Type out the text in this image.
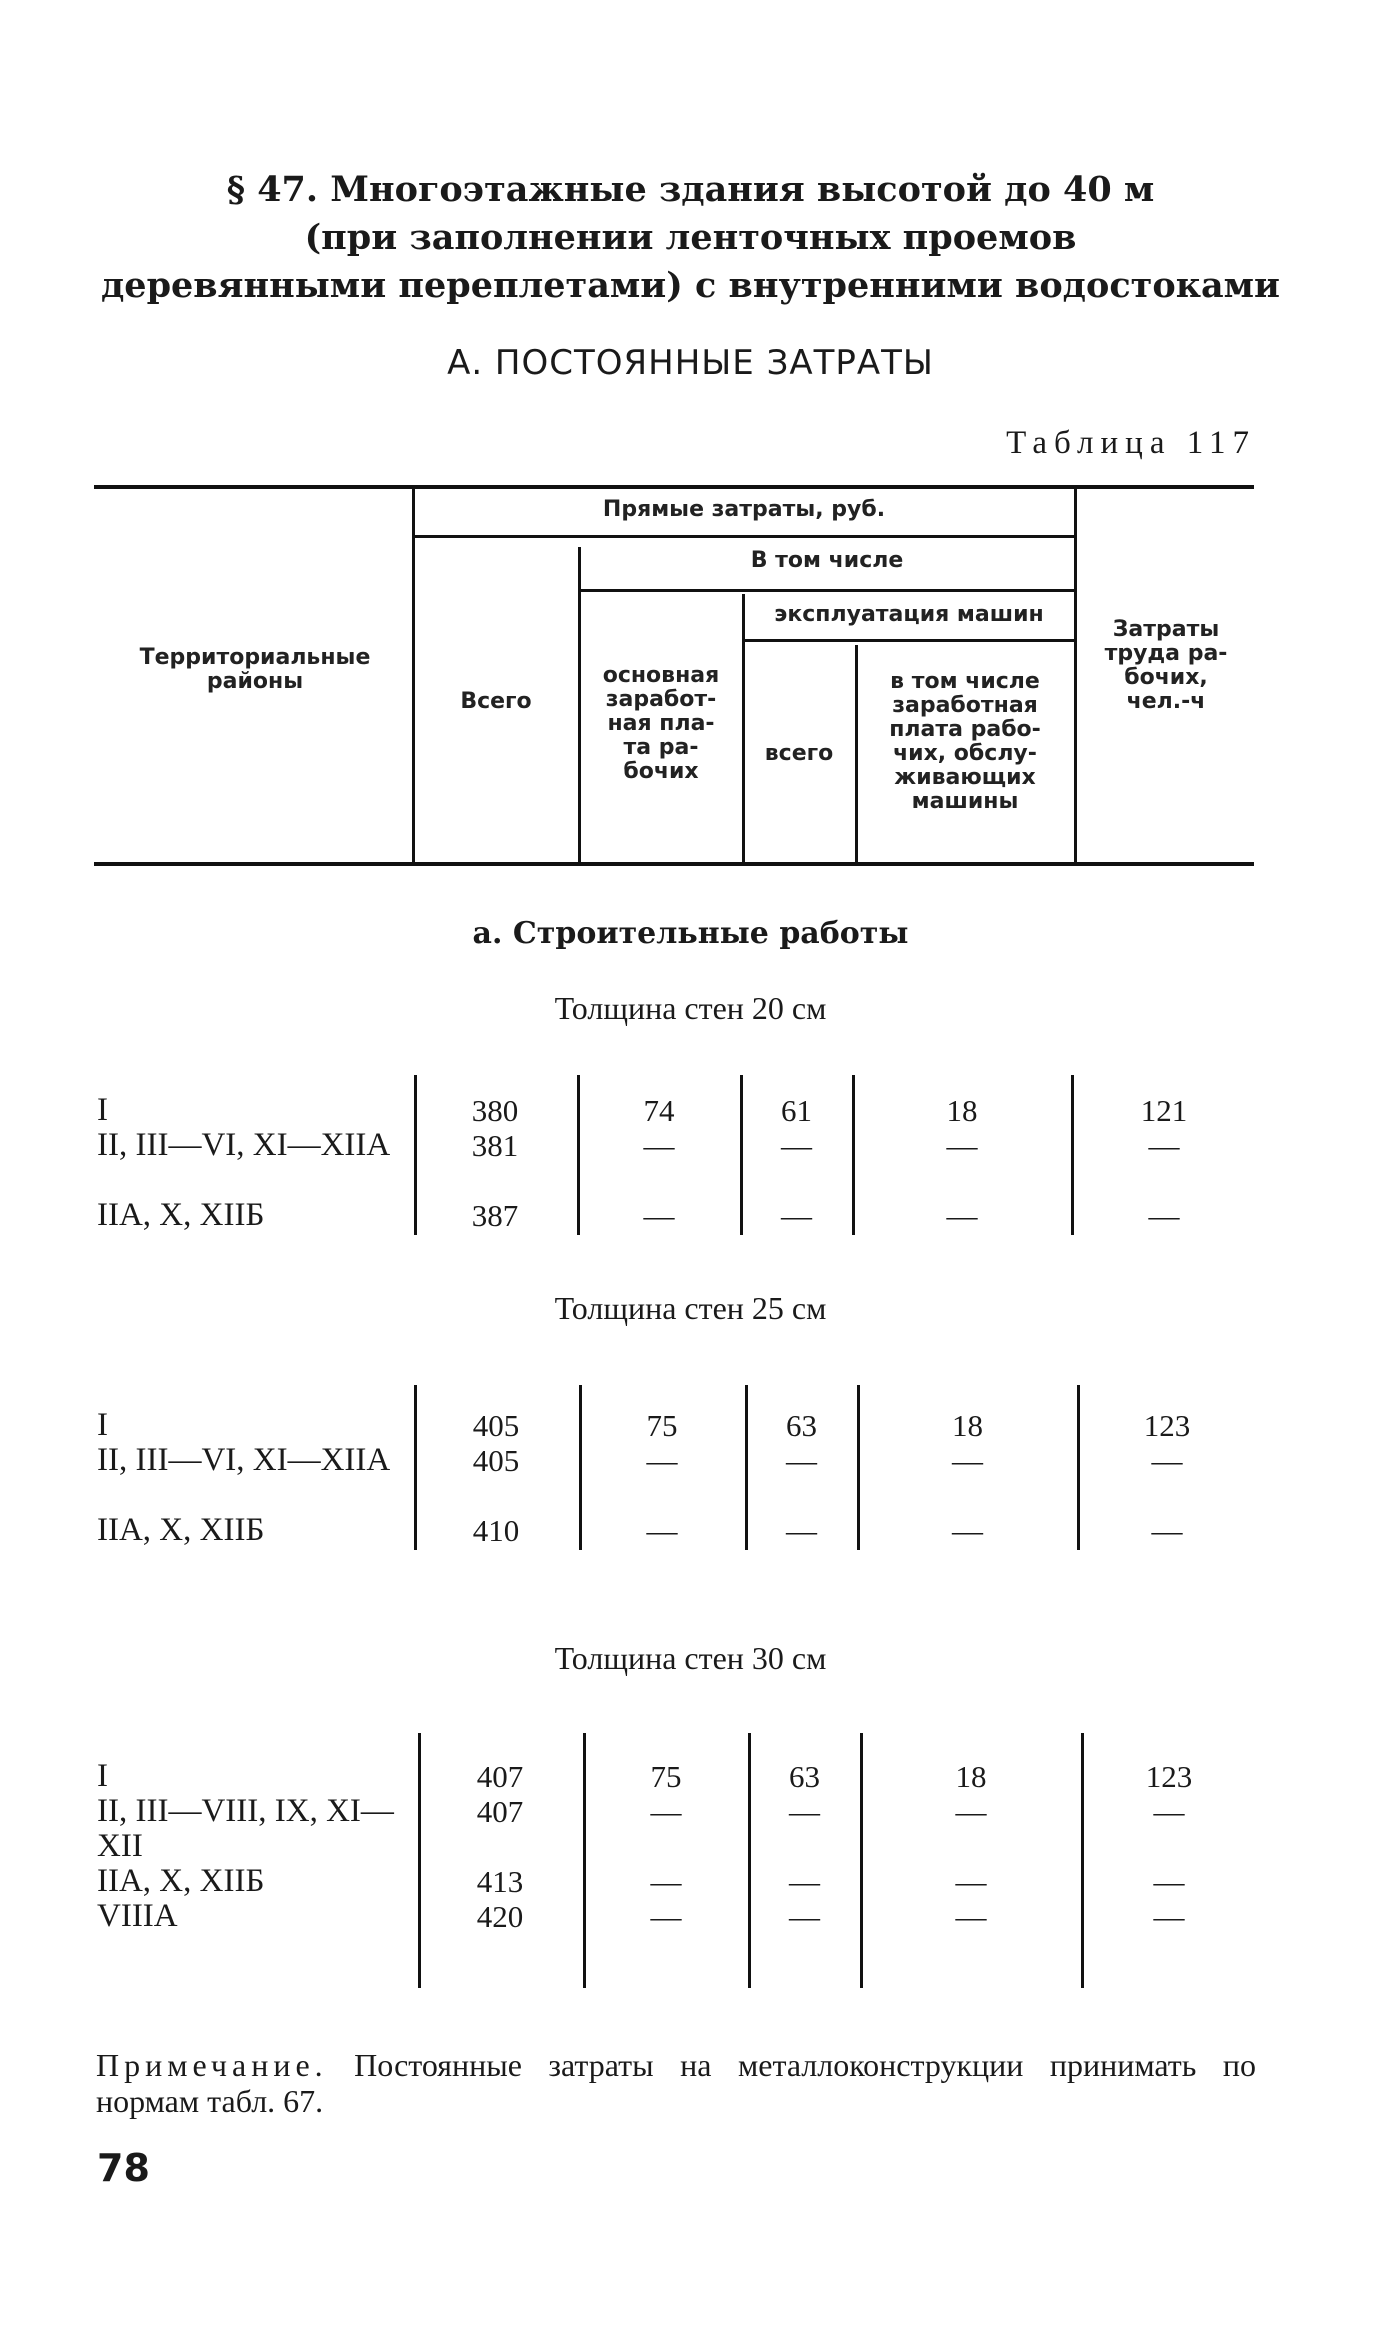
§ 47. Многоэтажные здания высотой до 40 м
(при заполнении ленточных проемов
деревянными переплетами) с внутренними водостоками
А. ПОСТОЯННЫЕ ЗАТРАТЫ
Таблица 117
Территориальные районы
Прямые затраты, руб.
Всего
В том числе
основная
заработ-
ная пла-
та ра-
бочих
эксплуатация машин
всего
в том числе
заработная
плата рабо-
чих, обслу-
живающих
машины
Затраты
труда ра-
бочих,
чел.-ч
а. Строительные работы
Толщина стен 20 см
I
II, III—VI, XI—XIIA
IIA, X, XIIБ
380
381
387
74
—
—
61
—
—
18
—
—
121
—
—
Толщина стен 25 см
I
II, III—VI, XI—XIIA
IIA, X, XIIБ
405
405
410
75
—
—
63
—
—
18
—
—
123
—
—
Толщина стен 30 см
I
II, III—VIII, IX, XI—XII
IIA, X, XIIБ
VIIIA
407
407
413
420
75
—
—
—
63
—
—
—
18
—
—
—
123
—
—
—
Примечание. Постоянные затраты на металлоконструкции принимать по нормам табл. 67.
78
